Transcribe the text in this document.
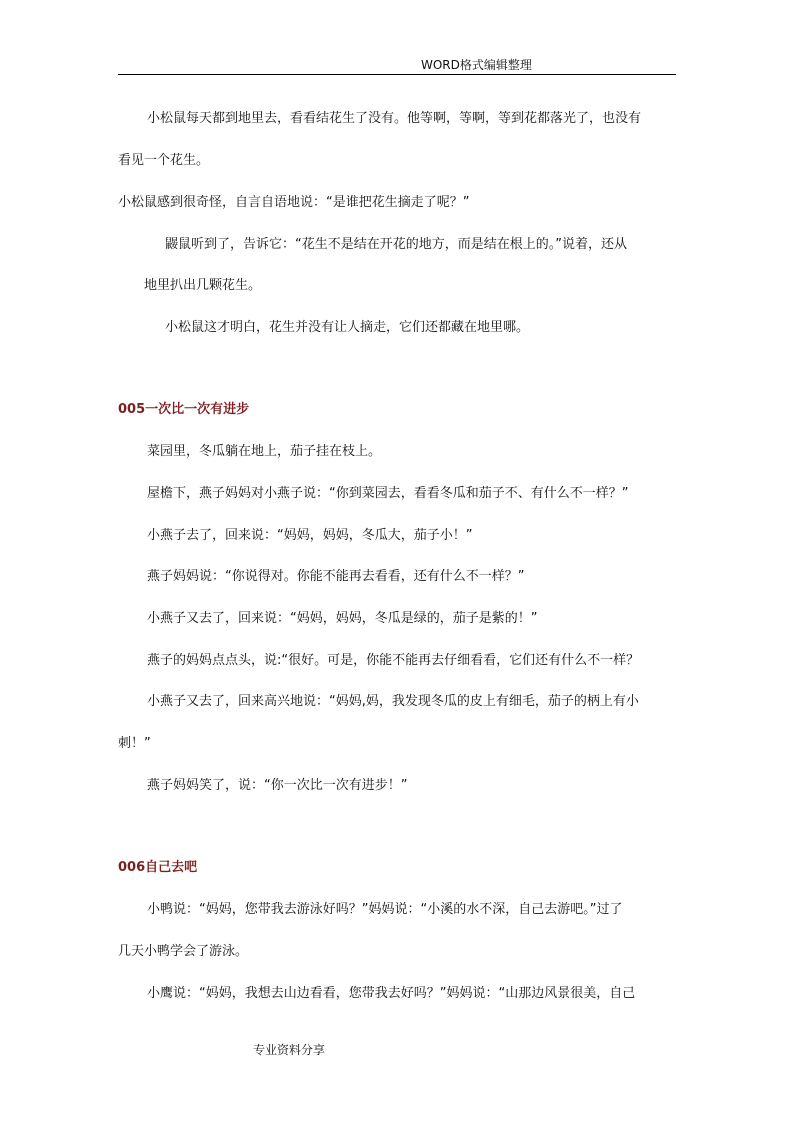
WORD格式编辑整理
小松鼠每天都到地里去，看看结花生了没有。他等啊，等啊，等到花都落光了，也没有
看见一个花生。
小松鼠感到很奇怪，自言自语地说：“是谁把花生摘走了呢？”
鼹鼠听到了，告诉它：“花生不是结在开花的地方，而是结在根上的。”说着，还从
地里扒出几颗花生。
小松鼠这才明白，花生并没有让人摘走，它们还都藏在地里哪。
005一次比一次有进步
菜园里，冬瓜躺在地上，茄子挂在枝上。
屋檐下，燕子妈妈对小燕子说：“你到菜园去，看看冬瓜和茄子不、有什么不一样？”
小燕子去了，回来说：“妈妈，妈妈，冬瓜大，茄子小！”
燕子妈妈说：“你说得对。你能不能再去看看，还有什么不一样？”
小燕子又去了，回来说：“妈妈，妈妈，冬瓜是绿的，茄子是紫的！”
燕子的妈妈点点头，说:“很好。可是，你能不能再去仔细看看，它们还有什么不一样？
小燕子又去了，回来高兴地说：“妈妈,妈，我发现冬瓜的皮上有细毛，茄子的柄上有小
刺！”
燕子妈妈笑了，说：“你一次比一次有进步！”
006自己去吧
小鸭说：“妈妈，您带我去游泳好吗？”妈妈说：“小溪的水不深，自己去游吧。”过了
几天小鸭学会了游泳。
小鹰说：“妈妈，我想去山边看看，您带我去好吗？”妈妈说：“山那边风景很美，自己
专业资料分享
